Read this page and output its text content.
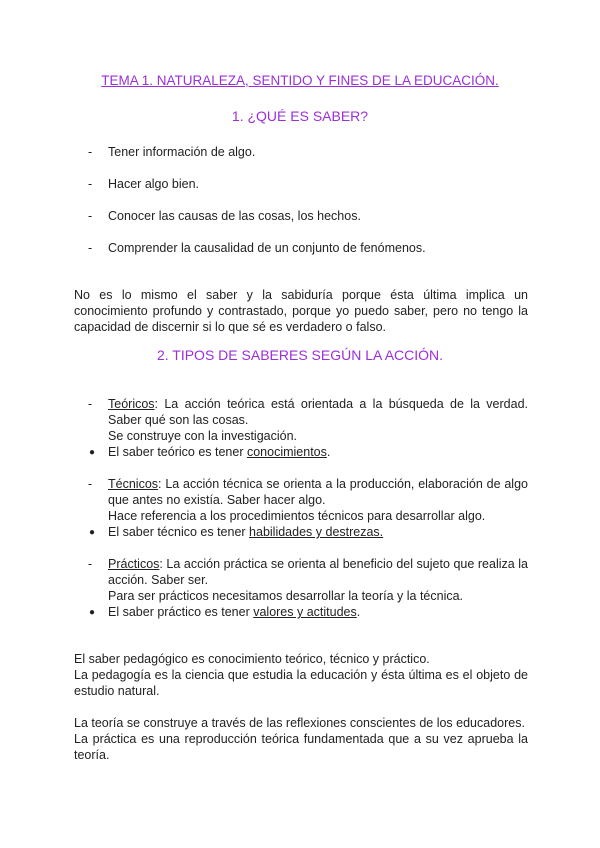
TEMA 1. NATURALEZA, SENTIDO Y FINES DE LA EDUCACIÓN.
1. ¿QUÉ ES SABER?
- Tener información de algo.
- Hacer algo bien.
- Conocer las causas de las cosas, los hechos.
- Comprender la causalidad de un conjunto de fenómenos.
No es lo mismo el saber y la sabiduría porque ésta última implica un conocimiento profundo y contrastado, porque yo puedo saber, pero no tengo la capacidad de discernir si lo que sé es verdadero o falso.
2. TIPOS DE SABERES SEGÚN LA ACCIÓN.
- Teóricos: La acción teórica está orientada a la búsqueda de la verdad. Saber qué son las cosas.
Se construye con la investigación.
● El saber teórico es tener conocimientos.
- Técnicos: La acción técnica se orienta a la producción, elaboración de algo que antes no existía. Saber hacer algo.
Hace referencia a los procedimientos técnicos para desarrollar algo.
● El saber técnico es tener habilidades y destrezas.
- Prácticos: La acción práctica se orienta al beneficio del sujeto que realiza la acción. Saber ser.
Para ser prácticos necesitamos desarrollar la teoría y la técnica.
● El saber práctico es tener valores y actitudes.
El saber pedagógico es conocimiento teórico, técnico y práctico.
La pedagogía es la ciencia que estudia la educación y ésta última es el objeto de estudio natural.
La teoría se construye a través de las reflexiones conscientes de los educadores.
La práctica es una reproducción teórica fundamentada que a su vez aprueba la teoría.
